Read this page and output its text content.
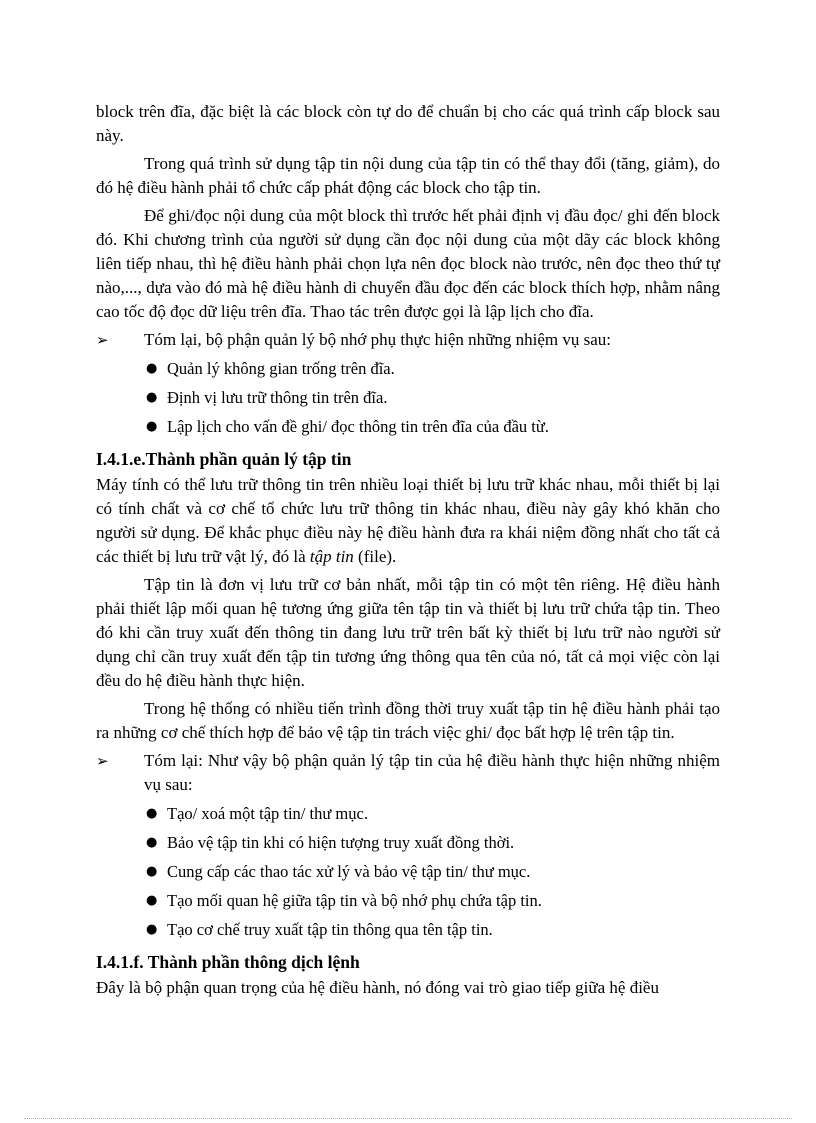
block trên đĩa, đặc biệt là các block còn tự do để chuẩn bị cho các quá trình cấp block sau này.

Trong quá trình sử dụng tập tin nội dung của tập tin có thể thay đổi (tăng, giảm), do đó hệ điều hành phải tổ chức cấp phát động các block cho tập tin.

Để ghi/đọc nội dung của một block thì trước hết phải định vị đầu đọc/ ghi đến block đó. Khi chương trình của người sử dụng cần đọc nội dung của một dãy các block không liên tiếp nhau, thì hệ điều hành phải chọn lựa nên đọc block nào trước, nên đọc theo thứ tự nào,..., dựa vào đó mà hệ điều hành di chuyển đầu đọc đến các block thích hợp, nhằm nâng cao tốc độ đọc dữ liệu trên đĩa. Thao tác trên được gọi là lập lịch cho đĩa.

➢ Tóm lại, bộ phận quản lý bộ nhớ phụ thực hiện những nhiệm vụ sau:
● Quản lý không gian trống trên đĩa.
● Định vị lưu trữ thông tin trên đĩa.
● Lập lịch cho vấn đề ghi/ đọc thông tin trên đĩa của đầu từ.
I.4.1.e.Thành phần quản lý tập tin

Máy tính có thể lưu trữ thông tin trên nhiều loại thiết bị lưu trữ khác nhau, mỗi thiết bị lại có tính chất và cơ chế tổ chức lưu trữ thông tin khác nhau, điều này gây khó khăn cho người sử dụng. Để khắc phục điều này hệ điều hành đưa ra khái niệm đồng nhất cho tất cả các thiết bị lưu trữ vật lý, đó là tập tin (file).

Tập tin là đơn vị lưu trữ cơ bản nhất, mỗi tập tin có một tên riêng. Hệ điều hành phải thiết lập mối quan hệ tương ứng giữa tên tập tin và thiết bị lưu trữ chứa tập tin. Theo đó khi cần truy xuất đến thông tin đang lưu trữ trên bất kỳ thiết bị lưu trữ nào người sử dụng chỉ cần truy xuất đến tập tin tương ứng thông qua tên của nó, tất cả mọi việc còn lại đều do hệ điều hành thực hiện.

Trong hệ thống có nhiều tiến trình đồng thời truy xuất tập tin hệ điều hành phải tạo ra những cơ chế thích hợp để bảo vệ tập tin trách việc ghi/ đọc bất hợp lệ trên tập tin.

➢ Tóm lại: Như vậy bộ phận quản lý tập tin của hệ điều hành thực hiện những nhiệm vụ sau:
● Tạo/ xoá một tập tin/ thư mục.
● Bảo vệ tập tin khi có hiện tượng truy xuất đồng thời.
● Cung cấp các thao tác xử lý và bảo vệ tập tin/ thư mục.
● Tạo mối quan hệ giữa tập tin và bộ nhớ phụ chứa tập tin.
● Tạo cơ chế truy xuất tập tin thông qua tên tập tin.
I.4.1.f. Thành phần thông dịch lệnh

Đây là bộ phận quan trọng của hệ điều hành, nó đóng vai trò giao tiếp giữa hệ điều
